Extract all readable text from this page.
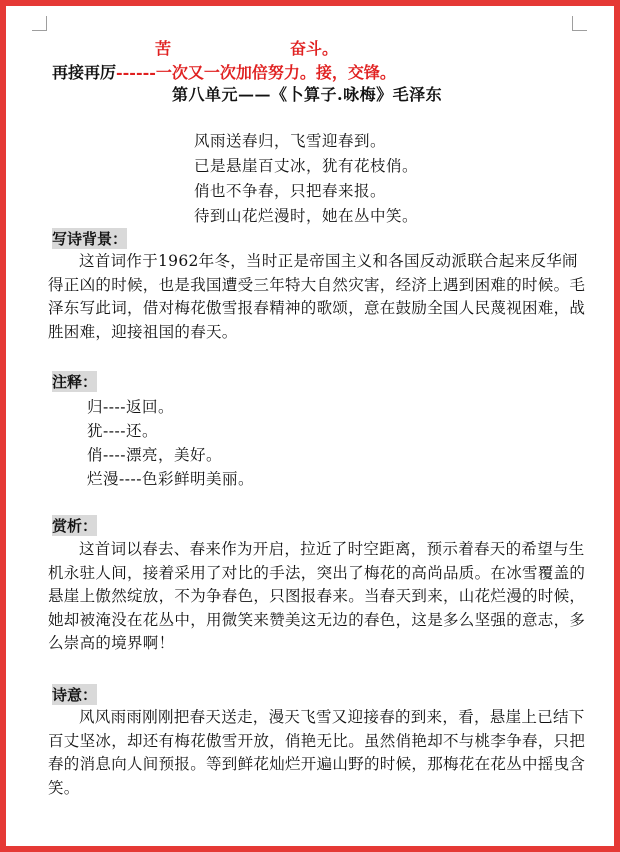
苦	奋斗。
再接再厉------一次又一次加倍努力。接，交锋。
第八单元——《卜算子.咏梅》毛泽东
风雨送春归，飞雪迎春到。
已是悬崖百丈冰，犹有花枝俏。
俏也不争春，只把春来报。
待到山花烂漫时，她在丛中笑。
写诗背景：
这首词作于1962年冬，当时正是帝国主义和各国反动派联合起来反华闹得正凶的时候，也是我国遭受三年特大自然灾害，经济上遇到困难的时候。毛泽东写此词，借对梅花傲雪报春精神的歌颂，意在鼓励全国人民蔑视困难，战胜困难，迎接祖国的春天。
注释：
归----返回。
犹----还。
俏----漂亮，美好。
烂漫----色彩鲜明美丽。
赏析：
这首词以春去、春来作为开启，拉近了时空距离，预示着春天的希望与生机永驻人间，接着采用了对比的手法，突出了梅花的高尚品质。在冰雪覆盖的悬崖上傲然绽放，不为争春色，只图报春来。当春天到来，山花烂漫的时候，她却被淹没在花丛中，用微笑来赞美这无边的春色，这是多么坚强的意志，多么崇高的境界啊！
诗意：
风风雨雨刚刚把春天送走，漫天飞雪又迎接春的到来，看，悬崖上已结下百丈坚冰，却还有梅花傲雪开放，俏艳无比。虽然俏艳却不与桃李争春，只把春的消息向人间预报。等到鲜花灿烂开遍山野的时候，那梅花在花丛中摇曳含笑。
